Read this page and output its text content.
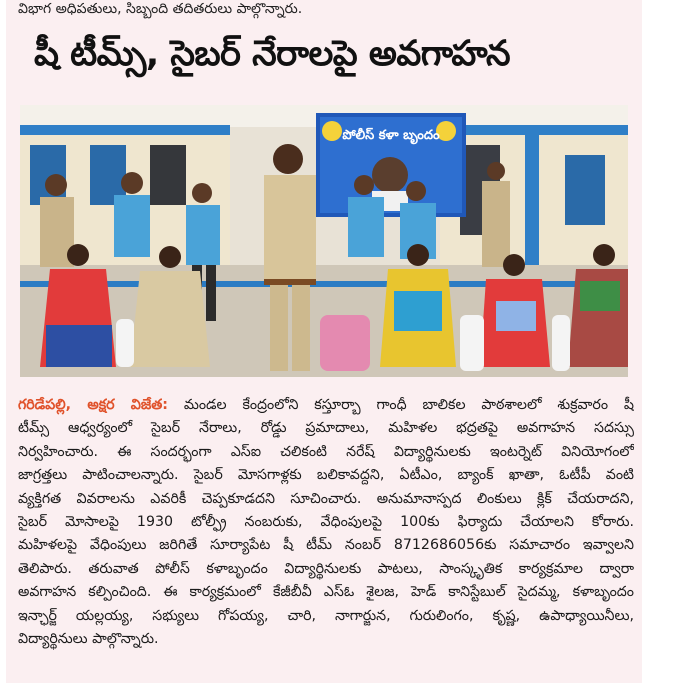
విభాగ అధిపతులు, సిబ్బంది తదితరులు పాల్గొన్నారు.
షీ టీమ్స్, సైబర్ నేరాలపై అవగాహన
పోలీస్ కళా బృందం
గరిడేపల్లి, అక్షర విజేత: మండల కేంద్రంలోని కస్తూర్బా గాంధీ బాలికల పాఠశాలలో శుక్రవారం షీ
టీమ్స్ ఆధ్వర్యంలో సైబర్ నేరాలు, రోడ్డు ప్రమాదాలు, మహిళల భద్రతపై అవగాహన సదస్సు
నిర్వహించారు. ఈ సందర్భంగా ఎస్ఐ చలికంటి నరేష్ విద్యార్థినులకు ఇంటర్నెట్ వినియోగంలో
జాగ్రత్తలు పాటించాలన్నారు. సైబర్ మోసగాళ్లకు బలికావద్దని, ఏటీఎం, బ్యాంక్ ఖాతా, ఓటీపీ వంటి
వ్యక్తిగత వివరాలను ఎవరికీ చెప్పకూడదని సూచించారు. అనుమానాస్పద లింకులు క్లిక్ చేయరాదని,
సైబర్ మోసాలపై 1930 టోల్ఫ్రీ నంబరుకు, వేధింపులపై 100కు ఫిర్యాదు చేయాలని కోరారు.
మహిళలపై వేధింపులు జరిగితే సూర్యాపేట షీ టీమ్ నంబర్ 8712686056కు సమాచారం ఇవ్వాలని
తెలిపారు. తరువాత పోలీస్ కళాబృందం విద్యార్థినులకు పాటలు, సాంస్కృతిక కార్యక్రమాల ద్వారా
అవగాహన కల్పించింది. ఈ కార్యక్రమంలో కేజీబీవీ ఎస్ఓ శైలజ, హెడ్ కానిస్టేబుల్ సైదమ్మ, కళాబృందం
ఇన్ఛార్జ్ యల్లయ్య, సభ్యులు గోపయ్య, చారి, నాగార్జున, గురులింగం, కృష్ణ, ఉపాధ్యాయినీలు,
విద్యార్థినులు పాల్గొన్నారు.
